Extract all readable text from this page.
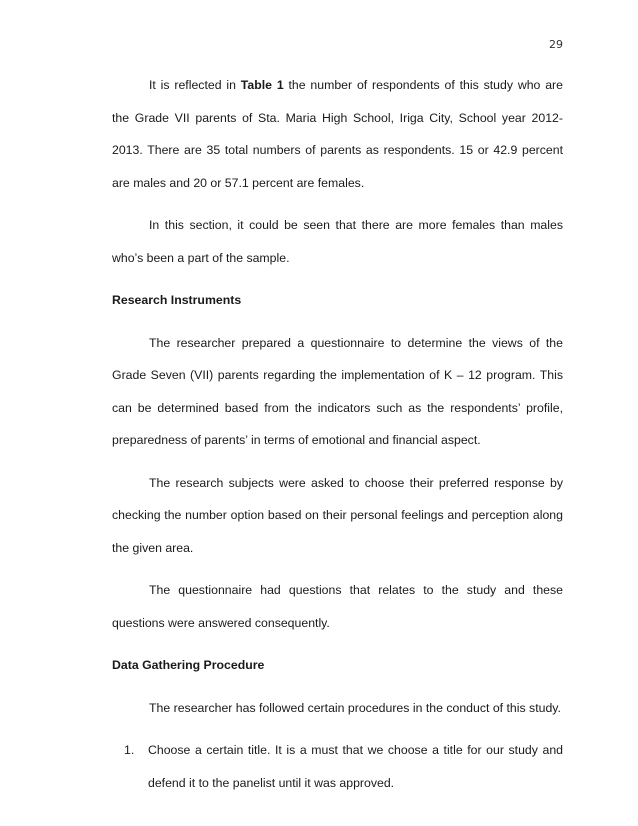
29

It is reflected in Table 1 the number of respondents of this study who are the Grade VII parents of Sta. Maria High School, Iriga City, School year 2012-2013. There are 35 total numbers of parents as respondents. 15 or 42.9 percent are males and 20 or 57.1 percent are females.

In this section, it could be seen that there are more females than males who’s been a part of the sample.

Research Instruments

The researcher prepared a questionnaire to determine the views of the Grade Seven (VII) parents regarding the implementation of K – 12 program. This can be determined based from the indicators such as the respondents’ profile, preparedness of parents’ in terms of emotional and financial aspect.

The research subjects were asked to choose their preferred response by checking the number option based on their personal feelings and perception along the given area.

The questionnaire had questions that relates to the study and these questions were answered consequently.

Data Gathering Procedure

The researcher has followed certain procedures in the conduct of this study.

1. Choose a certain title. It is a must that we choose a title for our study and defend it to the panelist until it was approved.
